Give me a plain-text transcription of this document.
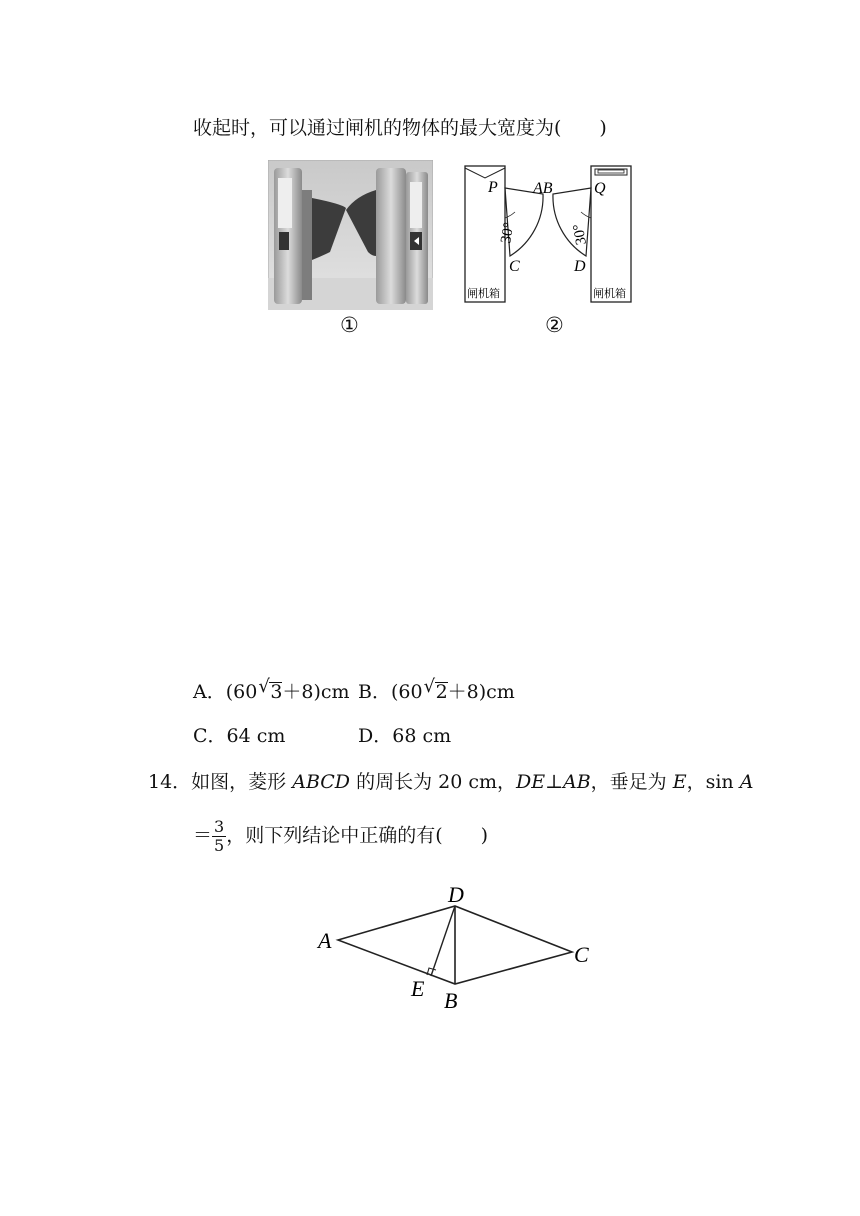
收起时，可以通过闸机的物体的最大宽度为(　　)
①
P AB	Q
C	D
30°	30°
闸机箱	闸机箱
②
A．(60 √ 3＋8)cm B．(60 √ 2＋8)cm
C．64 cm	D．68 cm
14．如图，菱形 ABCD 的周长为 20 cm，DE⊥AB，垂足为 E，sin A
＝ $\frac{3}{5}$ ，则下列结论中正确的有(　　)
A
D
C
E B
